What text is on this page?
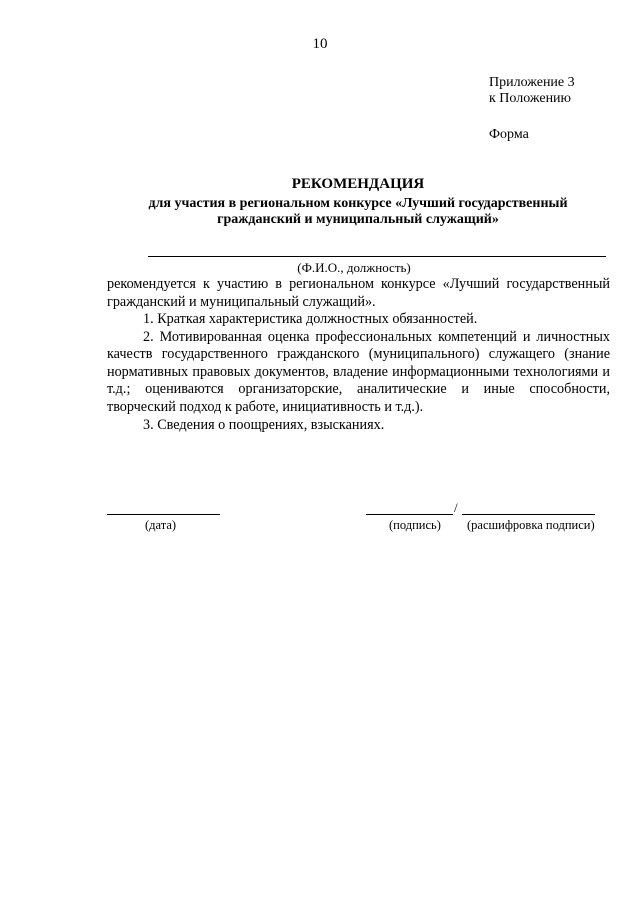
10
Приложение 3
к Положению
Форма
РЕКОМЕНДАЦИЯ
для участия в региональном конкурсе «Лучший государственный
гражданский и муниципальный служащий»
(Ф.И.О., должность)

рекомендуется к участию в региональном конкурсе «Лучший государственный гражданский и муниципальный служащий».

1. Краткая характеристика должностных обязанностей.

2. Мотивированная оценка профессиональных компетенций и личностных качеств государственного гражданского (муниципального) служащего (знание нормативных правовых документов, владение информационными технологиями и т.д.; оцениваются организаторские, аналитические и иные способности, творческий подход к работе, инициативность и т.д.).

3. Сведения о поощрениях, взысканиях.

(дата)
/
(подпись) (расшифровка подписи)
